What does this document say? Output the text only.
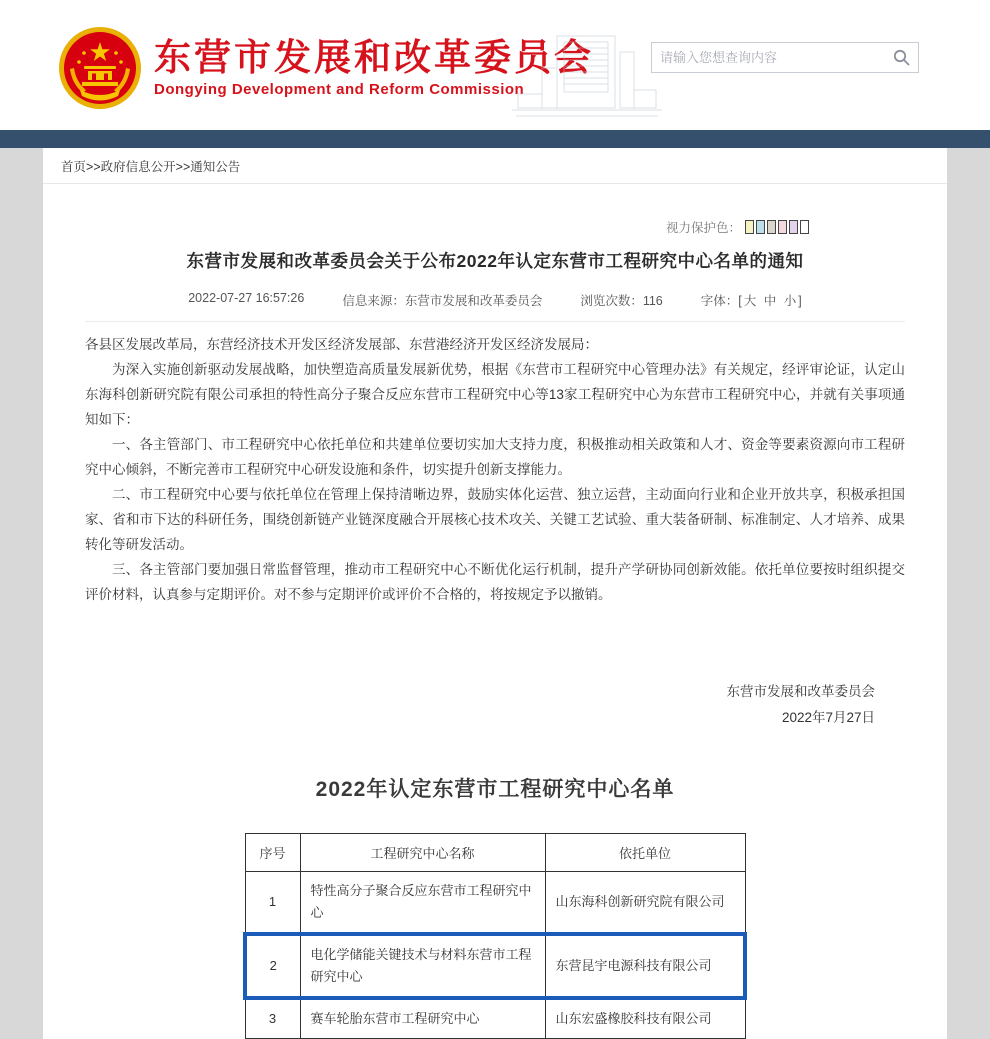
东营市发展和改革委员会
Dongying Development and Reform Commission
请输入您想查询内容
首页>>政府信息公开>>通知公告
视力保护色：
东营市发展和改革委员会关于公布2022年认定东营市工程研究中心名单的通知
2022-07-27 16:57:26	信息来源：东营市发展和改革委员会	浏览次数：116	字体：[ 大 中 小 ]

各县区发展改革局，东营经济技术开发区经济发展部、东营港经济开发区经济发展局：

为深入实施创新驱动发展战略，加快塑造高质量发展新优势，根据《东营市工程研究中心管理办法》有关规定，经评审论证，认定山东海科创新研究院有限公司承担的特性高分子聚合反应东营市工程研究中心等13家工程研究中心为东营市工程研究中心，并就有关事项通知如下：

一、各主管部门、市工程研究中心依托单位和共建单位要切实加大支持力度，积极推动相关政策和人才、资金等要素资源向市工程研究中心倾斜，不断完善市工程研究中心研发设施和条件，切实提升创新支撑能力。

二、市工程研究中心要与依托单位在管理上保持清晰边界，鼓励实体化运营、独立运营，主动面向行业和企业开放共享，积极承担国家、省和市下达的科研任务，围绕创新链产业链深度融合开展核心技术攻关、关键工艺试验、重大装备研制、标准制定、人才培养、成果转化等研发活动。

三、各主管部门要加强日常监督管理，推动市工程研究中心不断优化运行机制，提升产学研协同创新效能。依托单位要按时组织提交评价材料，认真参与定期评价。对不参与定期评价或评价不合格的，将按规定予以撤销。

东营市发展和改革委员会
2022年7月27日
2022年认定东营市工程研究中心名单
序号	工程研究中心名称	依托单位
1	特性高分子聚合反应东营市工程研究中心	山东海科创新研究院有限公司
2	电化学储能关键技术与材料东营市工程研究中心	东营昆宇电源科技有限公司
3	赛车轮胎东营市工程研究中心	山东宏盛橡胶科技有限公司
